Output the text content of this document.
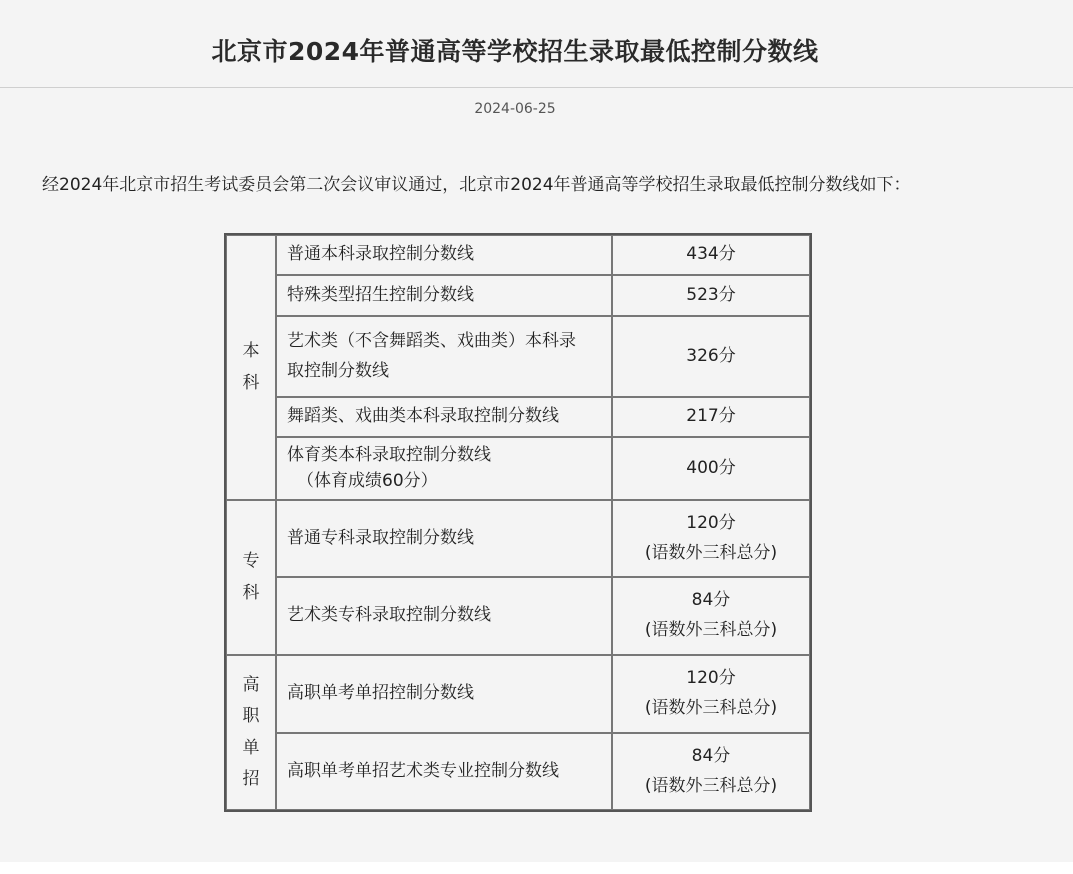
北京市2024年普通高等学校招生录取最低控制分数线
2024-06-25
经2024年北京市招生考试委员会第二次会议审议通过，北京市2024年普通高等学校招生录取最低控制分数线如下：
本
科	普通本科录取控制分数线	434分
	特殊类型招生控制分数线	523分
	艺术类（不含舞蹈类、戏曲类）本科录
取控制分数线	326分
	舞蹈类、戏曲类本科录取控制分数线	217分
	体育类本科录取控制分数线
（体育成绩60分）	400分
专
科	普通专科录取控制分数线	120分
(语数外三科总分)

	艺术类专科录取控制分数线	84分
(语数外三科总分)

高
职
单
招	高职单考单招控制分数线	120分
(语数外三科总分)

	高职单考单招艺术类专业控制分数线	84分
(语数外三科总分)
